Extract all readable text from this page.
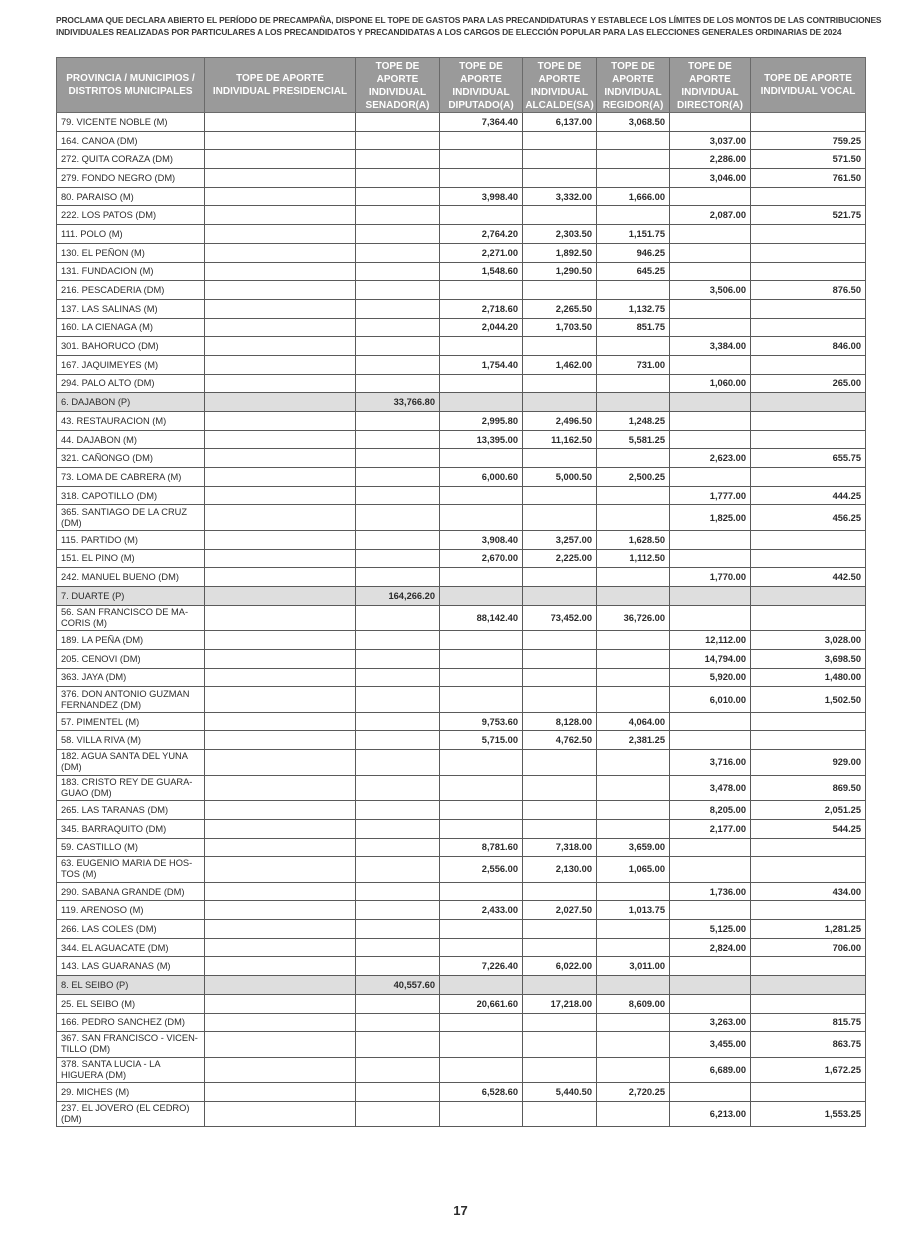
PROCLAMA QUE DECLARA ABIERTO EL PERÍODO DE PRECAMPAÑA, DISPONE EL TOPE DE GASTOS PARA LAS PRECANDIDATURAS Y ESTABLECE LOS LÍMITES DE LOS MONTOS DE LAS CONTRIBUCIONES
INDIVIDUALES REALIZADAS POR PARTICULARES A LOS PRECANDIDATOS Y PRECANDIDATAS A LOS CARGOS DE ELECCIÓN POPULAR PARA LAS ELECCIONES GENERALES ORDINARIAS DE 2024
PROVINCIA / MUNICIPIOS / DISTRITOS MUNICIPALES	TOPE DE APORTE INDIVIDUAL PRESIDENCIAL	TOPE DE APORTE INDIVIDUAL SENADOR(A)	TOPE DE APORTE INDIVIDUAL DIPUTADO(A)	TOPE DE APORTE INDIVIDUAL ALCALDE(SA)	TOPE DE APORTE INDIVIDUAL REGIDOR(A)	TOPE DE APORTE INDIVIDUAL DIRECTOR(A)	TOPE DE APORTE INDIVIDUAL VOCAL
79. VICENTE NOBLE (M)			7,364.40	6,137.00	3,068.50		
164. CANOA (DM)						3,037.00	759.25
272. QUITA CORAZA (DM)						2,286.00	571.50
279. FONDO NEGRO (DM)						3,046.00	761.50
80. PARAISO (M)			3,998.40	3,332.00	1,666.00		
222. LOS PATOS (DM)						2,087.00	521.75
111. POLO (M)			2,764.20	2,303.50	1,151.75		
130. EL PEÑON (M)			2,271.00	1,892.50	946.25		
131. FUNDACION (M)			1,548.60	1,290.50	645.25		
216. PESCADERIA (DM)						3,506.00	876.50
137. LAS SALINAS (M)			2,718.60	2,265.50	1,132.75		
160. LA CIENAGA (M)			2,044.20	1,703.50	851.75		
301. BAHORUCO (DM)						3,384.00	846.00
167. JAQUIMEYES (M)			1,754.40	1,462.00	731.00		
294. PALO ALTO (DM)						1,060.00	265.00
6. DAJABON (P)		33,766.80					
43. RESTAURACION (M)			2,995.80	2,496.50	1,248.25		
44. DAJABON (M)			13,395.00	11,162.50	5,581.25		
321. CAÑONGO (DM)						2,623.00	655.75
73. LOMA DE CABRERA (M)			6,000.60	5,000.50	2,500.25		
318. CAPOTILLO (DM)						1,777.00	444.25
365. SANTIAGO DE LA CRUZ (DM)						1,825.00	456.25
115. PARTIDO (M)			3,908.40	3,257.00	1,628.50		
151. EL PINO (M)			2,670.00	2,225.00	1,112.50		
242. MANUEL BUENO (DM)						1,770.00	442.50
7. DUARTE (P)		164,266.20					
56. SAN FRANCISCO DE MA-CORIS (M)			88,142.40	73,452.00	36,726.00		
189. LA PEÑA (DM)						12,112.00	3,028.00
205. CENOVI (DM)						14,794.00	3,698.50
363. JAYA (DM)						5,920.00	1,480.00
376. DON ANTONIO GUZMAN FERNANDEZ (DM)						6,010.00	1,502.50
57. PIMENTEL (M)			9,753.60	8,128.00	4,064.00		
58. VILLA RIVA (M)			5,715.00	4,762.50	2,381.25		
182. AGUA SANTA DEL YUNA (DM)						3,716.00	929.00
183. CRISTO REY DE GUARA-GUAO (DM)						3,478.00	869.50
265. LAS TARANAS (DM)						8,205.00	2,051.25
345. BARRAQUITO (DM)						2,177.00	544.25
59. CASTILLO (M)			8,781.60	7,318.00	3,659.00		
63. EUGENIO MARIA DE HOS-TOS (M)			2,556.00	2,130.00	1,065.00		
290. SABANA GRANDE (DM)						1,736.00	434.00
119. ARENOSO (M)			2,433.00	2,027.50	1,013.75		
266. LAS COLES (DM)						5,125.00	1,281.25
344. EL AGUACATE (DM)						2,824.00	706.00
143. LAS GUARANAS (M)			7,226.40	6,022.00	3,011.00		
8. EL SEIBO (P)		40,557.60					
25. EL SEIBO (M)			20,661.60	17,218.00	8,609.00		
166. PEDRO SANCHEZ (DM)						3,263.00	815.75
367. SAN FRANCISCO - VICEN-TILLO (DM)						3,455.00	863.75
378. SANTA LUCIA - LA HIGUERA (DM)						6,689.00	1,672.25
29. MICHES (M)			6,528.60	5,440.50	2,720.25		
237. EL JOVERO (EL CEDRO) (DM)						6,213.00	1,553.25
17
